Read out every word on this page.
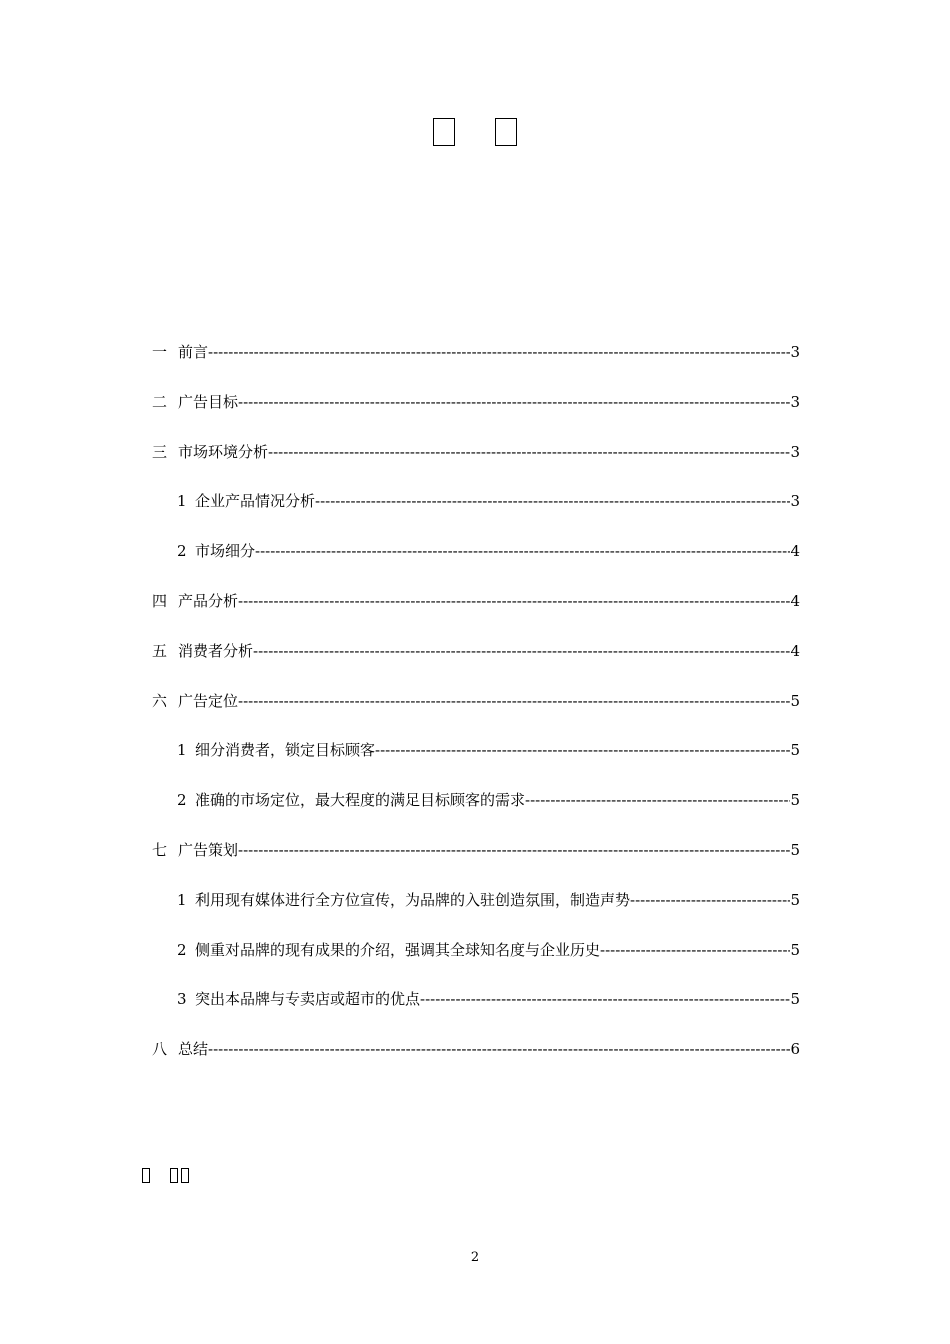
一 前言 -----	3
二 广告目标 -----	3
三 市场环境分析 -----	3
1 企业产品情况分析 -----	3
2 市场细分 -----	4
四 产品分析 -----	4
五 消费者分析 -----	4
六 广告定位 -----	5
1 细分消费者，锁定目标顾客 -----	5
2 准确的市场定位，最大程度的满足目标顾客的需求 -----	5
七 广告策划 -----	5
1 利用现有媒体进行全方位宣传，为品牌的入驻创造氛围，制造声势 -----	5
2 侧重对品牌的现有成果的介绍，强调其全球知名度与企业历史 -----	5
3 突出本品牌与专卖店或超市的优点 -----	5
八 总结 -----	6
2
